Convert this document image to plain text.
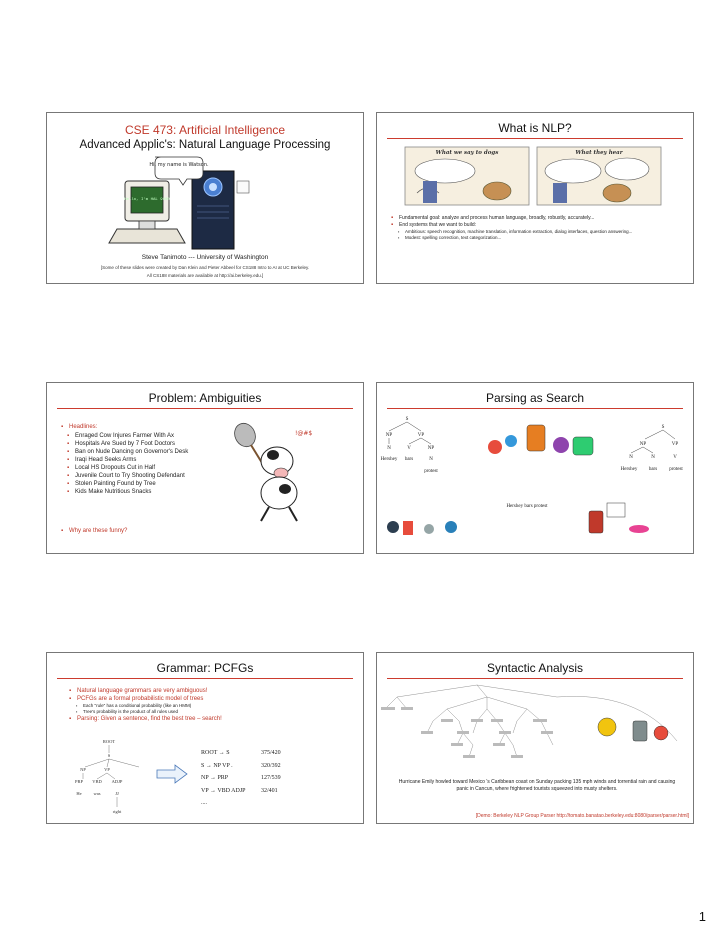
CSE 473: Artificial Intelligence
Advanced Applic's: Natural Language Processing
Hello, I'm HAL 9000
Hi, my name is Watson.
Steve Tanimoto --- University of Washington
[Some of these slides were created by Dan Klein and Pieter Abbeel for CS188 Intro to AI at UC Berkeley.
All CS188 materials are available at http://ai.berkeley.edu.]
What is NLP?
What we say to dogs	What they hear
▪ Fundamental goal: analyze and process human language, broadly, robustly, accurately...
▪ End systems that we want to build:
▪ Ambitious: speech recognition, machine translation, information extraction, dialog interfaces, question answering...
▪ Modest: spelling correction, text categorization...
Problem: Ambiguities
▪ Headlines:
▪ Enraged Cow Injures Farmer With Ax
▪ Hospitals Are Sued by 7 Foot Doctors
▪ Ban on Nude Dancing on Governor's Desk
▪ Iraqi Head Seeks Arms
▪ Local HS Dropouts Cut in Half
▪ Juvenile Court to Try Shooting Defendant
▪ Stolen Painting Found by Tree
▪ Kids Make Nutritious Snacks
▪ Why are these funny?
!@#$
Parsing as Search
S
NP	VP
N	V	NP
Hershey bars	N
protest
Hershey bars protest
S
NP	VP
N	N	V
Hershey bars protest
Grammar: PCFGs
▪ Natural language grammars are very ambiguous!
▪ PCFGs are a formal probabilistic model of trees
▪ Each "rule" has a conditional probability (like an HMM)
▪ Tree's probability is the product of all rules used
▪ Parsing: Given a sentence, find the best tree – search!
ROOT
S
NP	VP
PRP VBD ADJP
He	was	JJ
right
ROOT → S	375/420
S → NP VP .	320/392
NP → PRP	127/539
VP → VBD ADJP	32/401
....
Syntactic Analysis
Hurricane Emily howled toward Mexico 's Caribbean coast on Sunday packing 135 mph winds and torrential rain and causing panic in Cancun, where frightened tourists squeezed into musty shelters.
[Demo: Berkeley NLP Group Parser http://tomato.banatao.berkeley.edu:8080/parser/parser.html]
1
